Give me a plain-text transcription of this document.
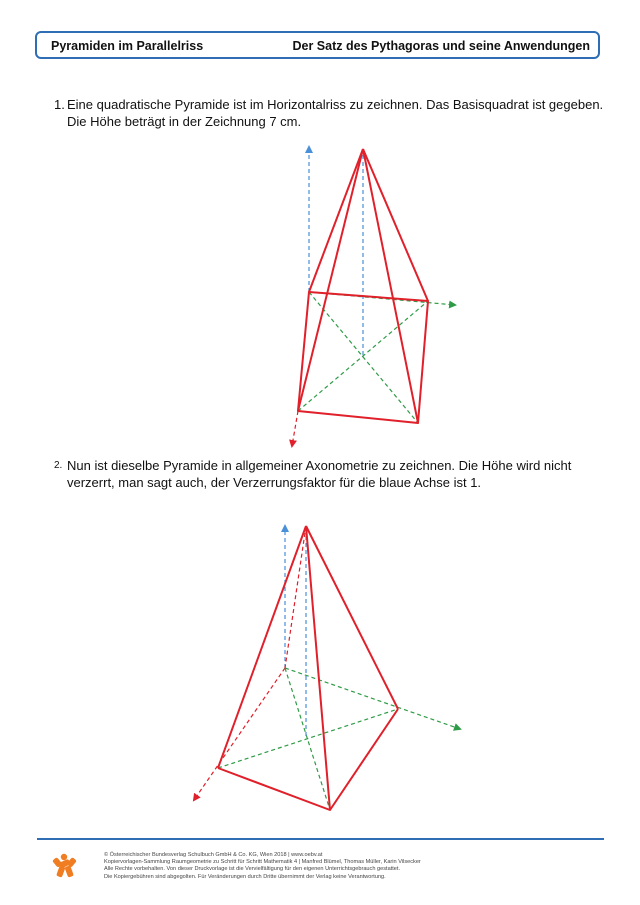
Pyramiden im Parallelriss	Der Satz des Pythagoras und seine Anwendungen
1. Eine quadratische Pyramide ist im Horizontalriss zu zeichnen. Das Basisquadrat ist gegeben.
Die Höhe beträgt in der Zeichnung 7 cm.
2. Nun ist dieselbe Pyramide in allgemeiner Axonometrie zu zeichnen. Die Höhe wird nicht
verzerrt, man sagt auch, der Verzerrungsfaktor für die blaue Achse ist 1.
© Österreichischer Bundesverlag Schulbuch GmbH & Co. KG, Wien 2018 | www.oebv.at
Kopiervorlagen-Sammlung Raumgeometrie zu Schritt für Schritt Mathematik 4 | Manfred Blümel, Thomas Müller, Karin Vilsecker
Alle Rechte vorbehalten. Von dieser Druckvorlage ist die Vervielfältigung für den eigenen Unterrichtsgebrauch gestattet.
Die Kopiergebühren sind abgegolten. Für Veränderungen durch Dritte übernimmt der Verlag keine Verantwortung.
